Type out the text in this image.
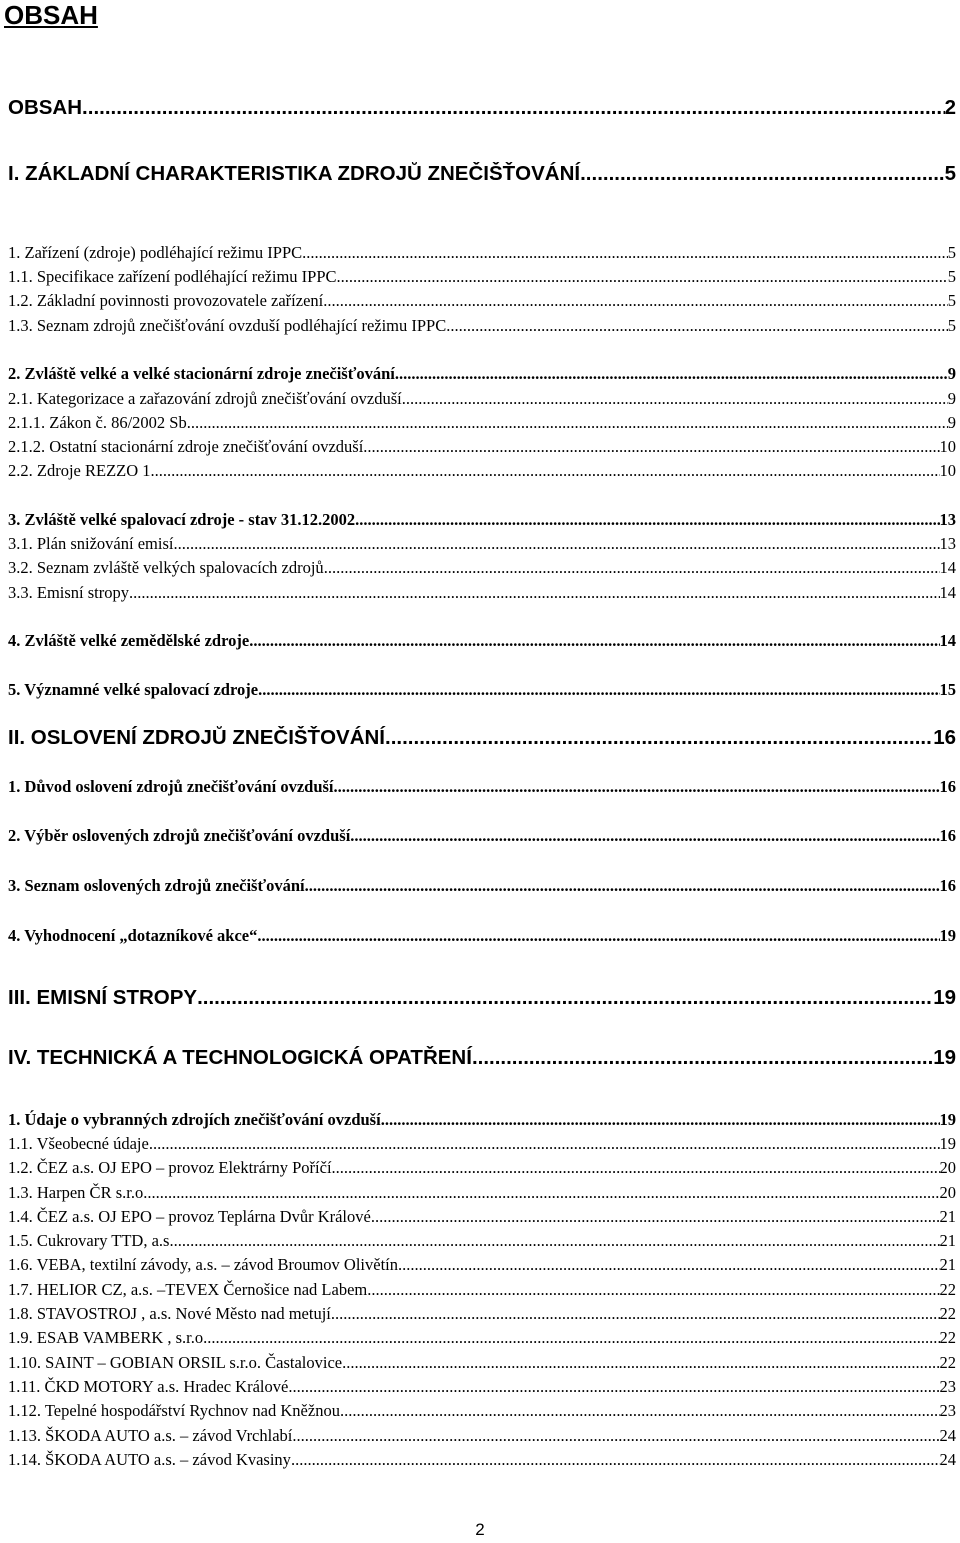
OBSAH
OBSAH .....	2
I. ZÁKLADNÍ CHARAKTERISTIKA ZDROJŮ ZNEČIŠŤOVÁNÍ .....	5
1. Zařízení (zdroje) podléhající režimu IPPC .....	5
1.1. Specifikace zařízení podléhající režimu IPPC .....	5
1.2. Základní povinnosti provozovatele zařízení .....	5
1.3. Seznam zdrojů znečišťování ovzduší podléhající režimu IPPC .....	5
2. Zvláště velké a velké stacionární zdroje znečišťování .....	9
2.1. Kategorizace a zařazování zdrojů znečišťování ovzduší .....	9
2.1.1. Zákon č. 86/2002 Sb. .....	9
2.1.2. Ostatní stacionární zdroje znečišťování ovzduší .....	10
2.2. Zdroje REZZO 1 .....	10
3. Zvláště velké spalovací zdroje - stav 31.12.2002 .....	13
3.1. Plán snižování emisí .....	13
3.2. Seznam zvláště velkých spalovacích zdrojů .....	14
3.3. Emisní stropy .....	14
4. Zvláště velké zemědělské zdroje .....	14
5. Významné velké spalovací zdroje .....	15
II. OSLOVENÍ ZDROJŮ ZNEČIŠŤOVÁNÍ .....	16
1. Důvod oslovení zdrojů znečišťování ovzduší .....	16
2. Výběr oslovených zdrojů znečišťování ovzduší .....	16
3. Seznam oslovených zdrojů znečišťování .....	16
4. Vyhodnocení „dotazníkové akce“ .....	19
III. EMISNÍ STROPY .....	19
IV. TECHNICKÁ A TECHNOLOGICKÁ OPATŘENÍ .....	19
1. Údaje o vybranných zdrojích znečišťování ovzduší .....	19
1.1. Všeobecné údaje .....	19
1.2. ČEZ a.s. OJ EPO – provoz Elektrárny Poříčí .....	20
1.3. Harpen ČR s.r.o. .....	20
1.4. ČEZ a.s. OJ EPO – provoz Teplárna Dvůr Králové .....	21
1.5. Cukrovary TTD, a.s. .....	21
1.6. VEBA, textilní závody, a.s. – závod Broumov Olivětín .....	21
1.7. HELIOR CZ, a.s. –TEVEX Černošice nad Labem .....	22
1.8. STAVOSTROJ , a.s. Nové Město nad metují .....	22
1.9. ESAB VAMBERK , s.r.o. .....	22
1.10. SAINT – GOBIAN ORSIL s.r.o. Častalovice .....	22
1.11. ČKD MOTORY a.s. Hradec Králové .....	23
1.12. Tepelné hospodářství Rychnov nad Kněžnou .....	23
1.13. ŠKODA AUTO a.s. – závod Vrchlabí .....	24
1.14. ŠKODA AUTO a.s. – závod Kvasiny .....	24
2
